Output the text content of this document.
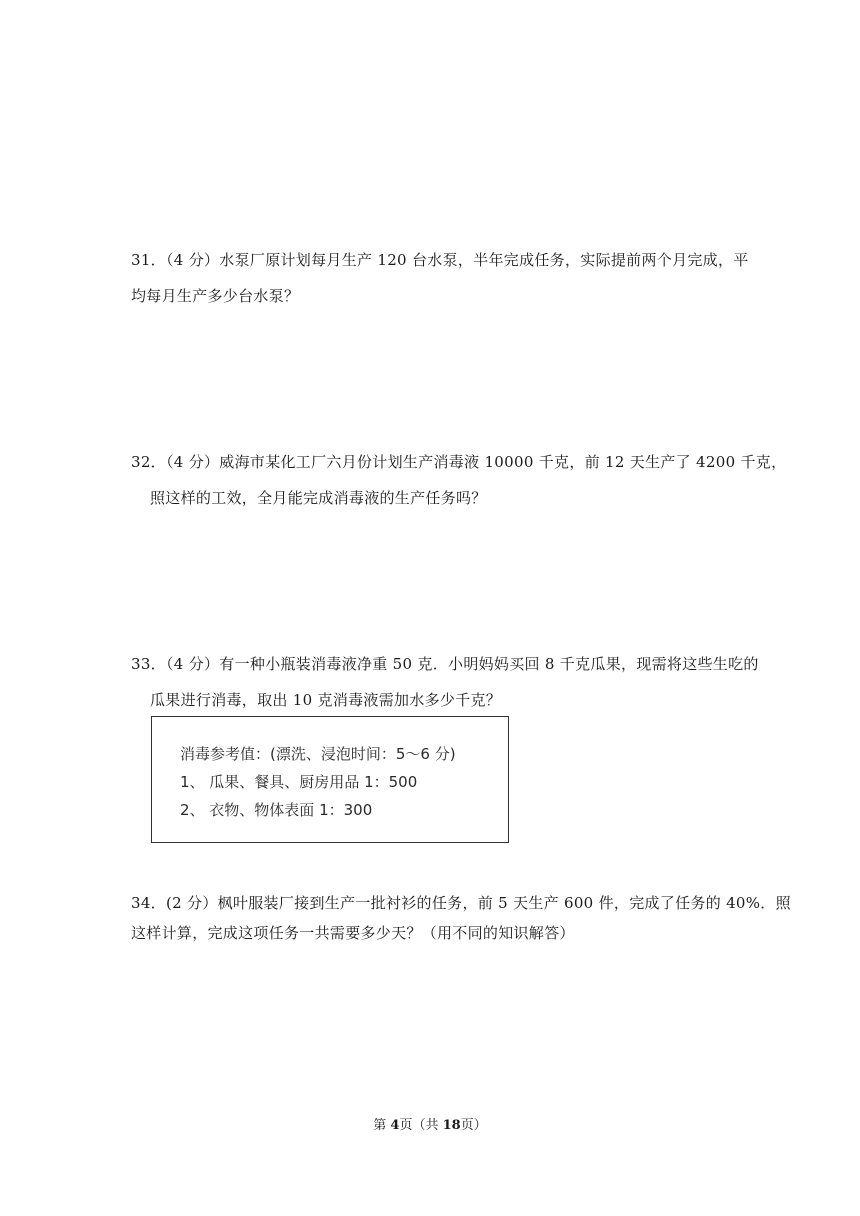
31．（4 分）水泵厂原计划每月生产 120 台水泵，半年完成任务，实际提前两个月完成，平
均每月生产多少台水泵？
32．（4 分）威海市某化工厂六月份计划生产消毒液 10000 千克，前 12 天生产了 4200 千克，
照这样的工效，全月能完成消毒液的生产任务吗？
33．（4 分）有一种小瓶装消毒液净重 50 克．小明妈妈买回 8 千克瓜果，现需将这些生吃的
瓜果进行消毒，取出 10 克消毒液需加水多少千克？
消毒参考值：(漂洗、浸泡时间：5～6 分)
1、 瓜果、餐具、厨房用品 1：500
2、 衣物、物体表面 1：300
34．(2 分）枫叶服装厂接到生产一批衬衫的任务，前 5 天生产 600 件，完成了任务的 40%．照
这样计算，完成这项任务一共需要多少天？（用不同的知识解答）
第 4页（共 18页）
